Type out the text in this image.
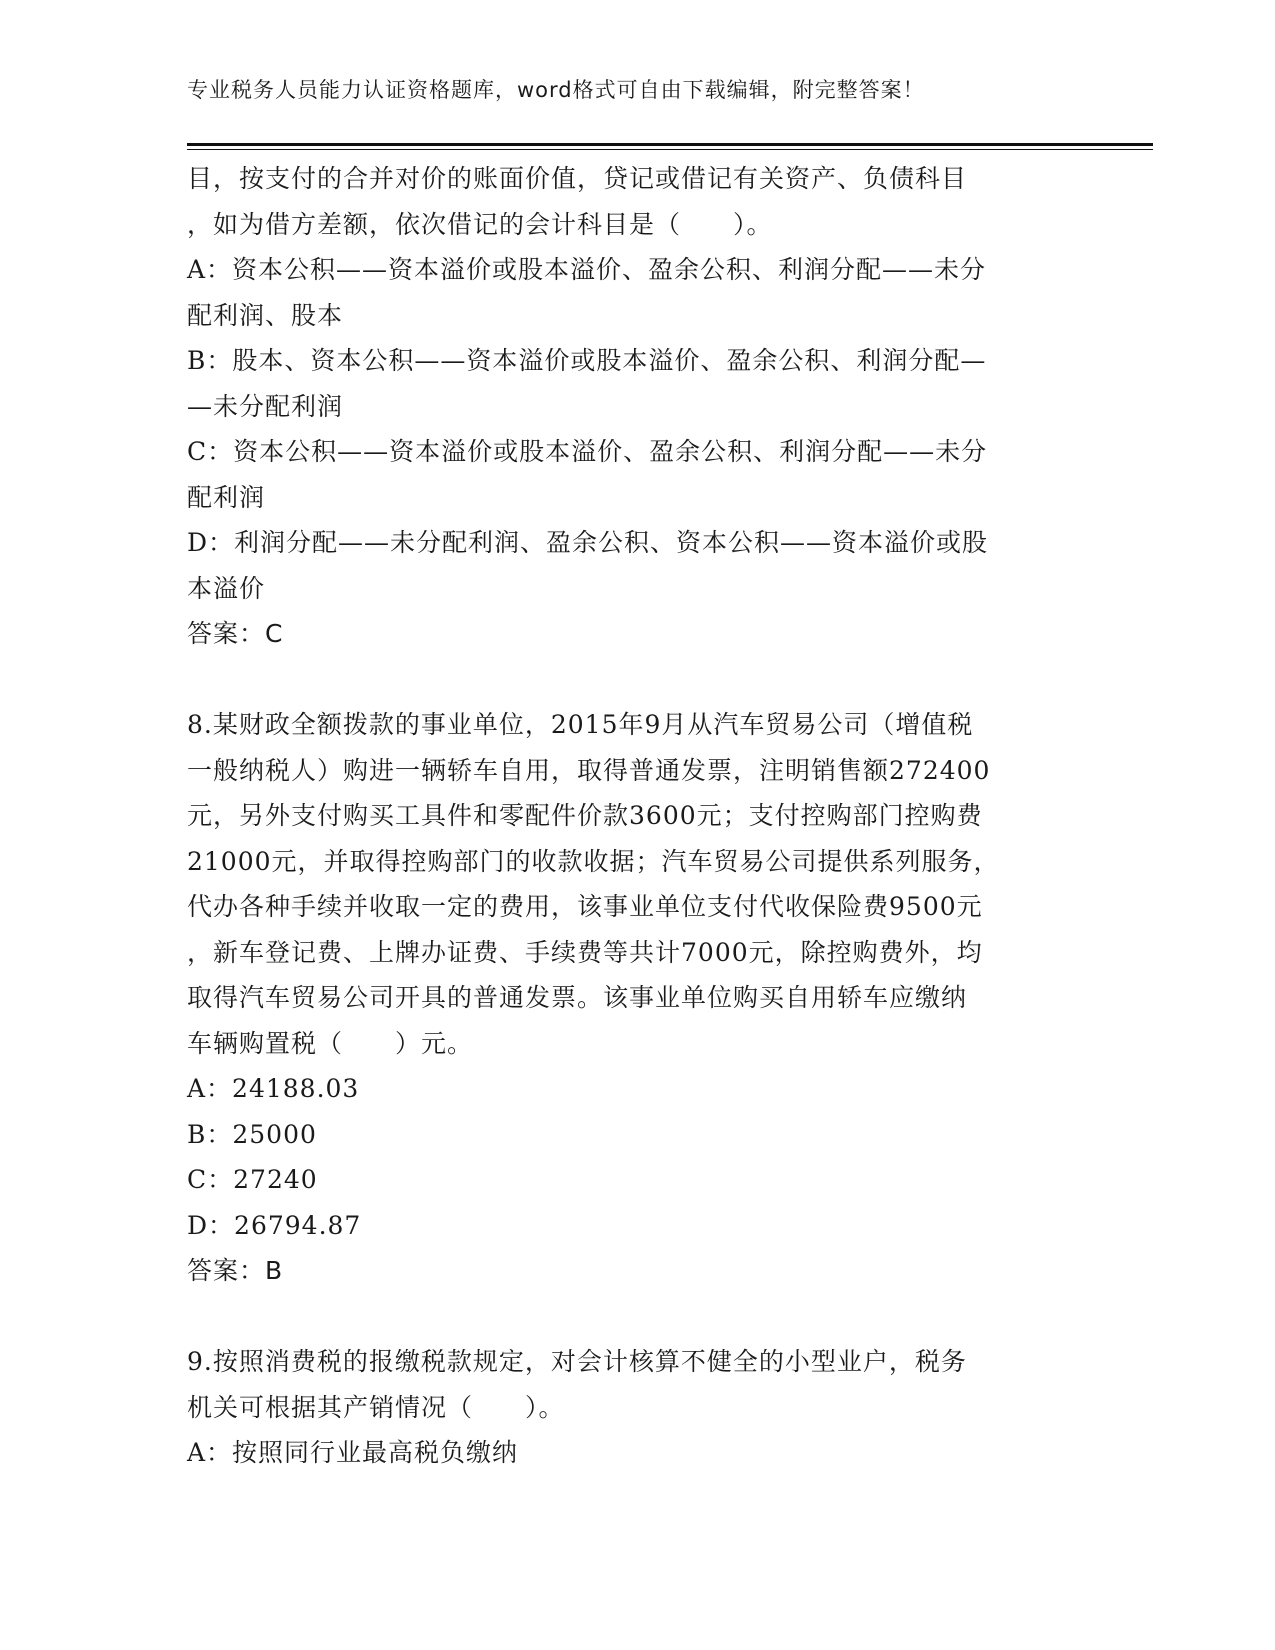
专业税务人员能力认证资格题库，word格式可自由下载编辑，附完整答案！
目，按支付的合并对价的账面价值，贷记或借记有关资产、负债科目
，如为借方差额，依次借记的会计科目是（　　）。
A：资本公积——资本溢价或股本溢价、盈余公积、利润分配——未分
配利润、股本
B：股本、资本公积——资本溢价或股本溢价、盈余公积、利润分配—
—未分配利润
C：资本公积——资本溢价或股本溢价、盈余公积、利润分配——未分
配利润
D：利润分配——未分配利润、盈余公积、资本公积——资本溢价或股
本溢价
答案：C
8.某财政全额拨款的事业单位，2015年9月从汽车贸易公司（增值税
一般纳税人）购进一辆轿车自用，取得普通发票，注明销售额272400
元，另外支付购买工具件和零配件价款3600元；支付控购部门控购费
21000元，并取得控购部门的收款收据；汽车贸易公司提供系列服务，
代办各种手续并收取一定的费用，该事业单位支付代收保险费9500元
，新车登记费、上牌办证费、手续费等共计7000元，除控购费外，均
取得汽车贸易公司开具的普通发票。该事业单位购买自用轿车应缴纳
车辆购置税（　　）元。
A：24188.03
B：25000
C：27240
D：26794.87
答案：B
9.按照消费税的报缴税款规定，对会计核算不健全的小型业户，税务
机关可根据其产销情况（　　）。
A：按照同行业最高税负缴纳
